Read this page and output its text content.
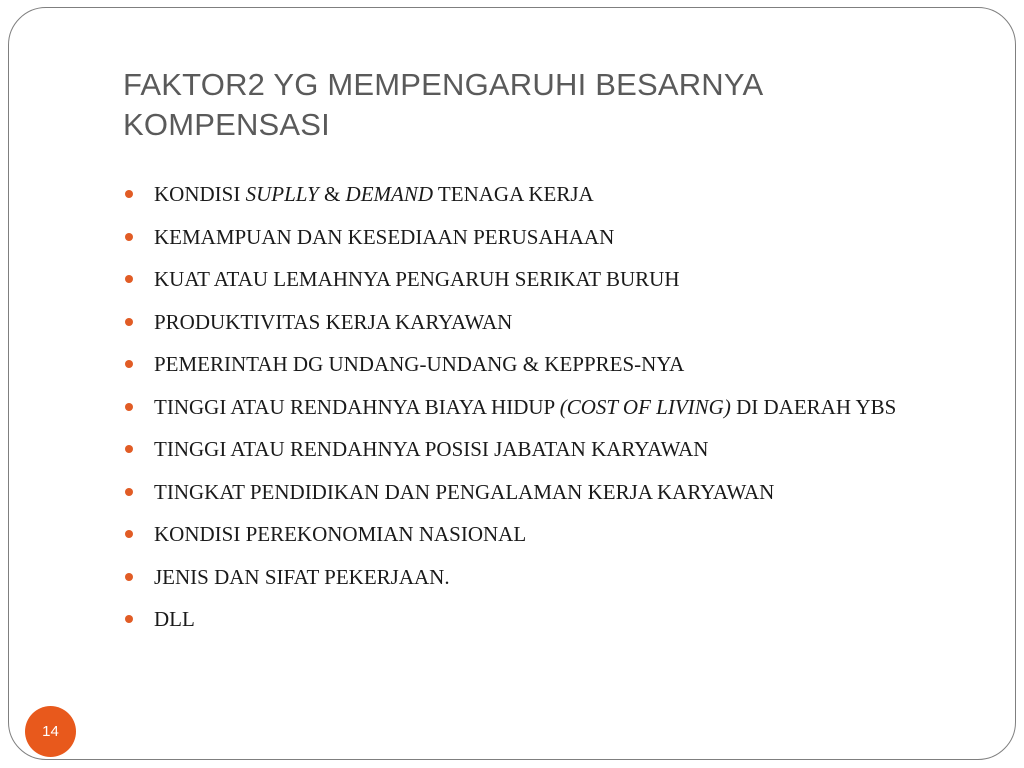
FAKTOR2 YG MEMPENGARUHI BESARNYA
KOMPENSASI
KONDISI SUPLLY & DEMAND TENAGA KERJA
KEMAMPUAN DAN KESEDIAAN PERUSAHAAN
KUAT ATAU LEMAHNYA PENGARUH SERIKAT BURUH
PRODUKTIVITAS KERJA KARYAWAN
PEMERINTAH DG UNDANG-UNDANG & KEPPRES-NYA
TINGGI ATAU RENDAHNYA BIAYA HIDUP (COST OF LIVING) DI DAERAH YBS
TINGGI ATAU RENDAHNYA POSISI JABATAN KARYAWAN
TINGKAT PENDIDIKAN DAN PENGALAMAN KERJA KARYAWAN
KONDISI PEREKONOMIAN NASIONAL
JENIS DAN SIFAT PEKERJAAN.
DLL
14
